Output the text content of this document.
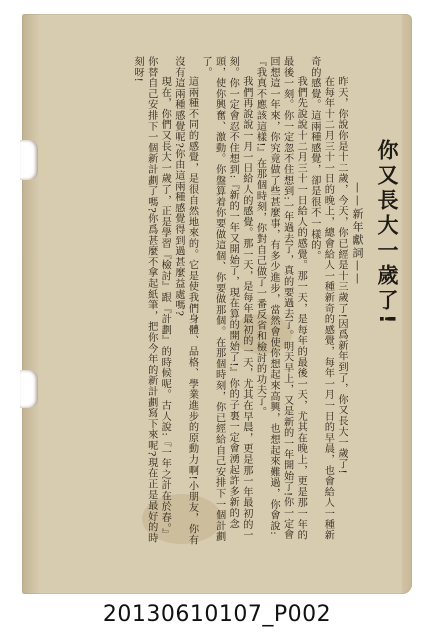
你又長大一歲了!
——新年獻詞——

昨天，你說你是十二歲，今天，你已經是十三歲了!因爲新年到了，你又長大一歲了!

在每年十二月三十一日的晚上，總會給人一種新奇的感覺，每年一月一日的早晨，也會給人一種新奇的感覺。這兩種感覺，卻是很不一樣的。

我們先說說十二月三十一日給人的感覺。那一天，是每年的最後一天，尤其在晚上，更是那一年的最後一刻。你一定忽不住想到:一年過去了，真的要過去了。明天早上，又是新的一年開始了!你一定會回想這一年來，你究竟做了些甚麼事，有多少進步，當然會使你想起來高興，也想起來難過，你會說:『我真不應該這樣!』在那個時刻，你對自己做了一番反省和檢討的功夫了。

我們再說說一月一日給人的感覺。那一天，是每年最初的一天，尤其在早晨，更是那一年最初的一刻。你一定會忍不住想到:『新的一年又開始了，現在算的開始了!』你的子裏一定會湧起許多新的念頭，使你興奮、激動。你盤算着你要做這個、你要做那個。在那個時刻，你已經給自己安排下一個計劃了。

這兩種不同的感覺，是很自然地來的。它是使我們身體、品格、學業進步的原動力啊!小朋友，你有沒有這兩種感覺呢?你由這兩種感覺得到過甚麼益處嗎?

現在，你們又長大一歲了，正是學習『檢討』跟『計劃』的時候呢。古人說:『一年之計在於春。』你替自己安排下一個新計劃了嗎?你爲甚麼不拿起紙筆，把你今年的新計劃寫下來呢?現在正是最好的時刻呀!

20130610107_P002
